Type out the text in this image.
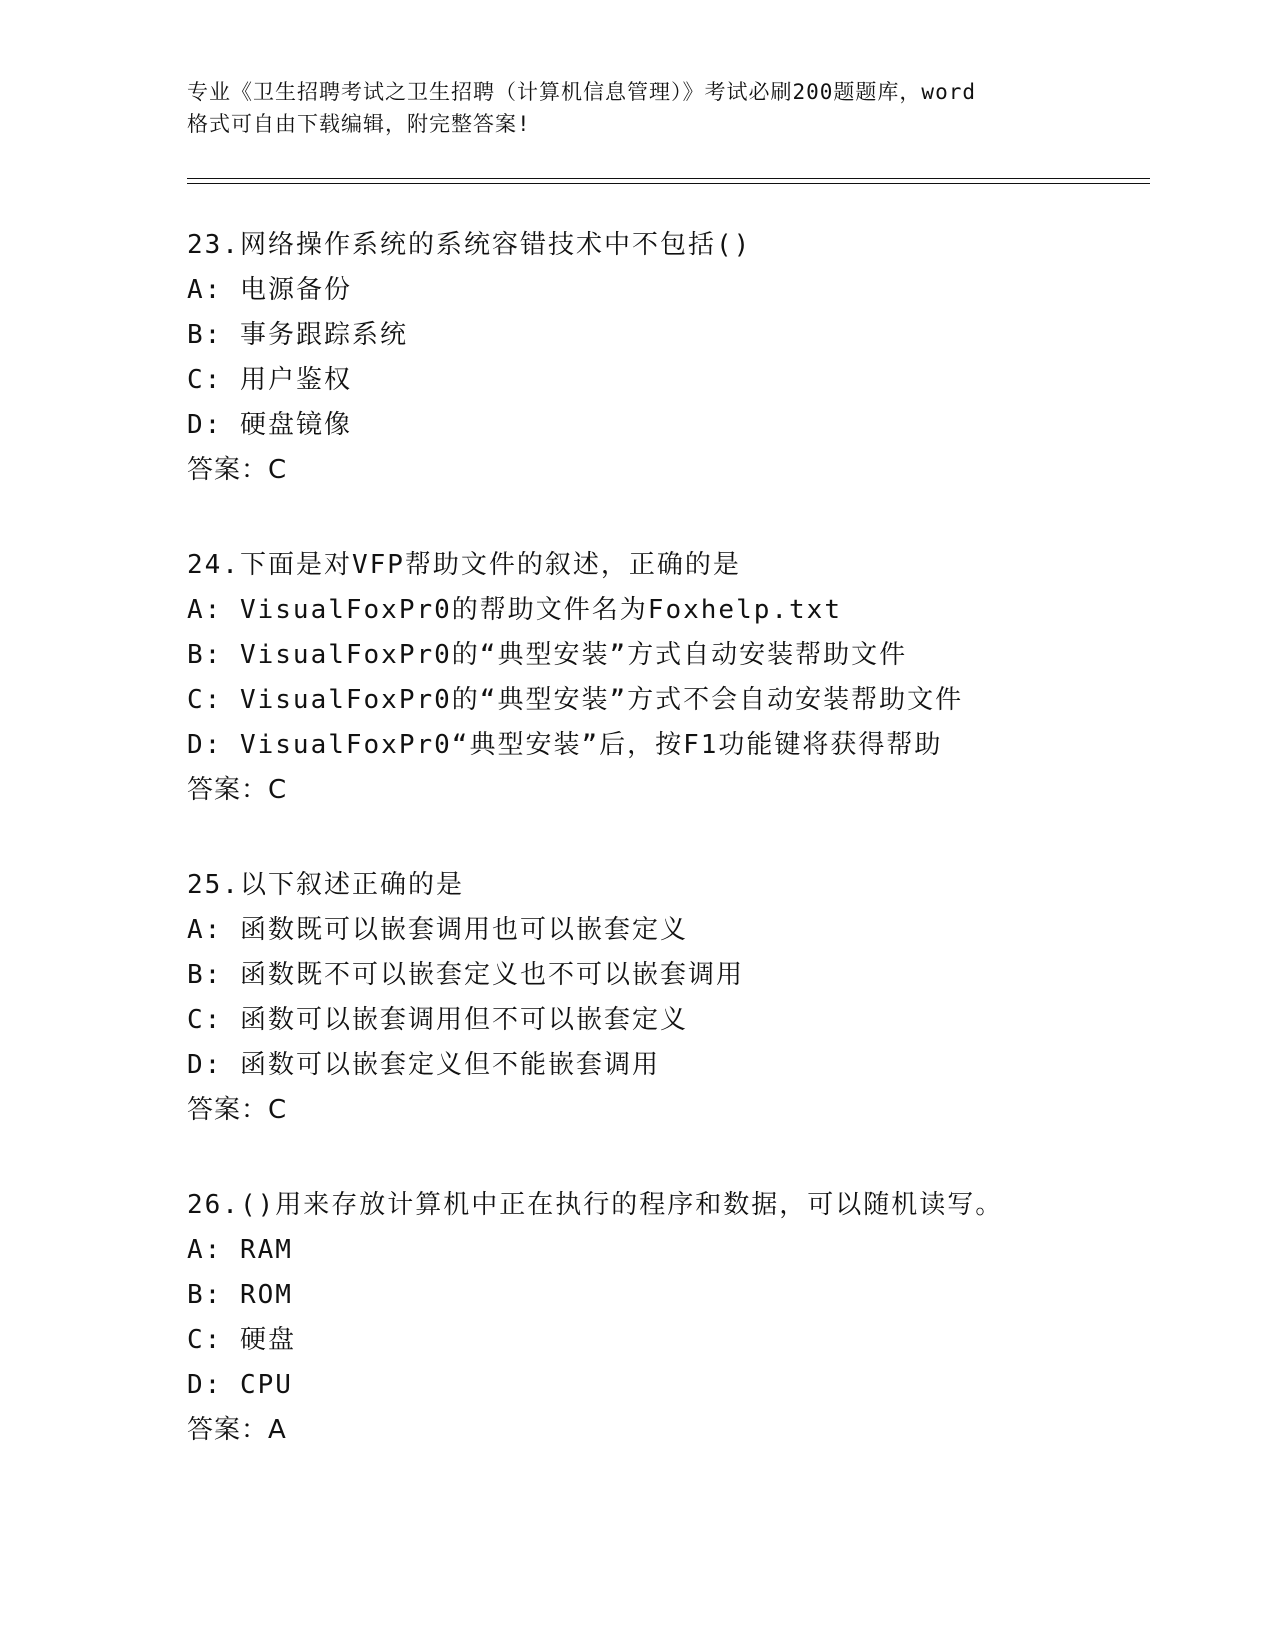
专业《卫生招聘考试之卫生招聘（计算机信息管理）》考试必刷200题题库，word
格式可自由下载编辑，附完整答案!
23.网络操作系统的系统容错技术中不包括()
A: 电源备份
B: 事务跟踪系统
C: 用户鉴权
D: 硬盘镜像
答案：C
24.下面是对VFP帮助文件的叙述，正确的是
A: VisualFoxPr0的帮助文件名为Foxhelp.txt
B: VisualFoxPr0的“典型安装”方式自动安装帮助文件
C: VisualFoxPr0的“典型安装”方式不会自动安装帮助文件
D: VisualFoxPr0“典型安装”后，按F1功能键将获得帮助
答案：C
25.以下叙述正确的是
A: 函数既可以嵌套调用也可以嵌套定义
B: 函数既不可以嵌套定义也不可以嵌套调用
C: 函数可以嵌套调用但不可以嵌套定义
D: 函数可以嵌套定义但不能嵌套调用
答案：C
26.()用来存放计算机中正在执行的程序和数据，可以随机读写。
A: RAM
B: ROM
C: 硬盘
D: CPU
答案：A
